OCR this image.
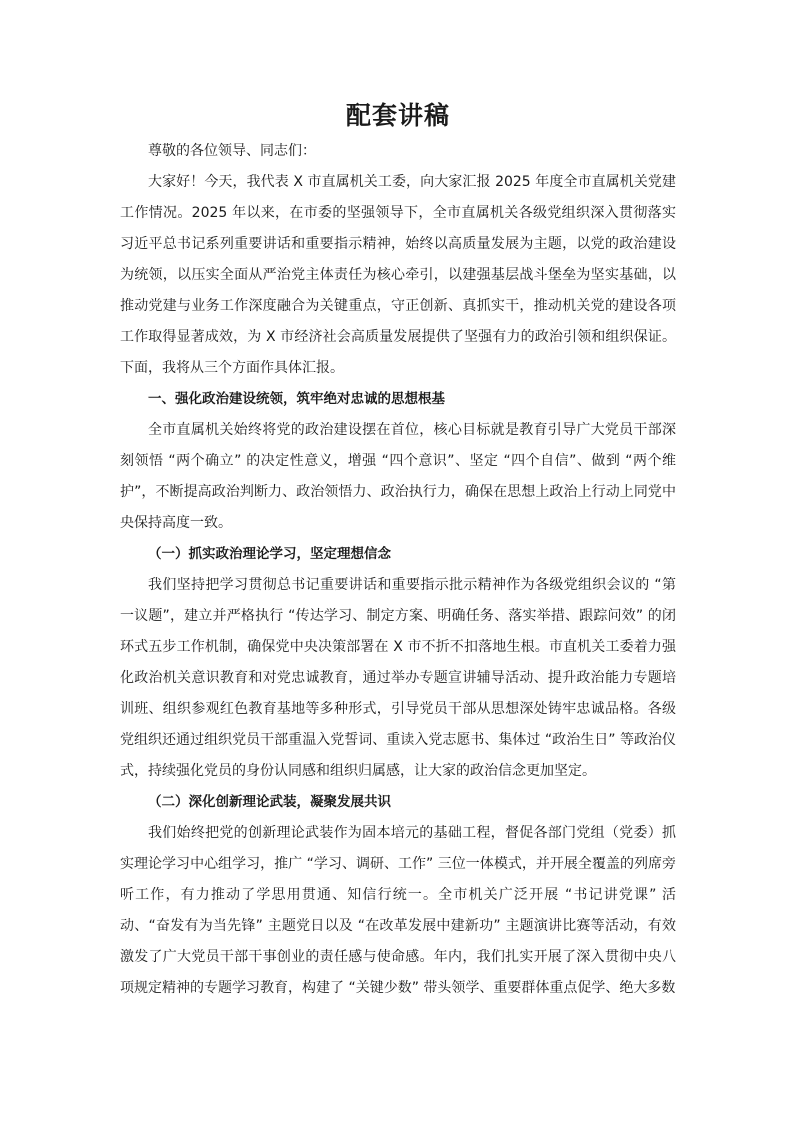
配套讲稿

尊敬的各位领导、同志们：

大家好！今天，我代表 X 市直属机关工委，向大家汇报 2025 年度全市直属机关党建工作情况。2025 年以来，在市委的坚强领导下，全市直属机关各级党组织深入贯彻落实习近平总书记系列重要讲话和重要指示精神，始终以高质量发展为主题，以党的政治建设为统领，以压实全面从严治党主体责任为核心牵引，以建强基层战斗堡垒为坚实基础，以推动党建与业务工作深度融合为关键重点，守正创新、真抓实干，推动机关党的建设各项工作取得显著成效，为 X 市经济社会高质量发展提供了坚强有力的政治引领和组织保证。下面，我将从三个方面作具体汇报。

一、强化政治建设统领，筑牢绝对忠诚的思想根基

全市直属机关始终将党的政治建设摆在首位，核心目标就是教育引导广大党员干部深刻领悟 “两个确立” 的决定性意义，增强 “四个意识”、坚定 “四个自信”、做到 “两个维护”，不断提高政治判断力、政治领悟力、政治执行力，确保在思想上政治上行动上同党中央保持高度一致。

（一）抓实政治理论学习，坚定理想信念

我们坚持把学习贯彻总书记重要讲话和重要指示批示精神作为各级党组织会议的 “第一议题”，建立并严格执行 “传达学习、制定方案、明确任务、落实举措、跟踪问效” 的闭环式五步工作机制，确保党中央决策部署在 X 市不折不扣落地生根。市直机关工委着力强化政治机关意识教育和对党忠诚教育，通过举办专题宣讲辅导活动、提升政治能力专题培训班、组织参观红色教育基地等多种形式，引导党员干部从思想深处铸牢忠诚品格。各级党组织还通过组织党员干部重温入党誓词、重读入党志愿书、集体过 “政治生日” 等政治仪式，持续强化党员的身份认同感和组织归属感，让大家的政治信念更加坚定。

（二）深化创新理论武装，凝聚发展共识

我们始终把党的创新理论武装作为固本培元的基础工程，督促各部门党组（党委）抓实理论学习中心组学习，推广 “学习、调研、工作” 三位一体模式，并开展全覆盖的列席旁听工作，有力推动了学思用贯通、知信行统一。全市机关广泛开展 “书记讲党课” 活动、“奋发有为当先锋” 主题党日以及 “在改革发展中建新功” 主题演讲比赛等活动，有效激发了广大党员干部干事创业的责任感与使命感。年内，我们扎实开展了深入贯彻中央八项规定精神的专题学习教育，构建了 “关键少数” 带头领学、重要群体重点促学、绝大多数
